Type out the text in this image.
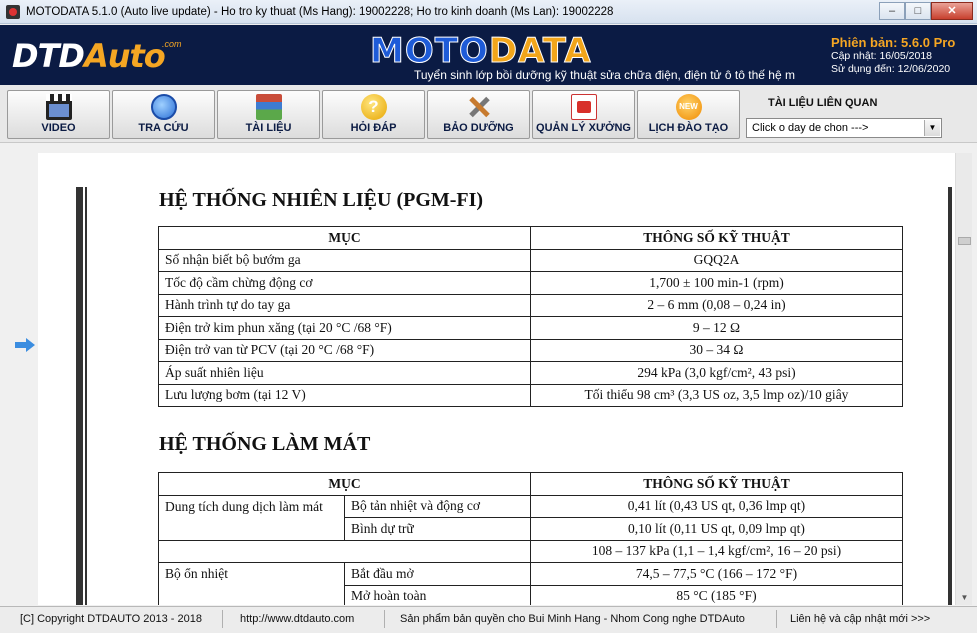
MOTODATA 5.1.0 (Auto live update) - Ho tro ky thuat (Ms Hang): 19002228; Ho tro kinh doanh (Ms Lan): 19002228	–	□	✕
DTDAuto
.com	MOTODATA
Tuyển sinh lớp bồi dưỡng kỹ thuật sửa chữa điện, điện tử ô tô thế hệ m
Phiên bản: 5.6.0 Pro
Cập nhật: 16/05/2018
Sử dụng đến: 12/06/2020
VIDEO	TRA CỨU	TÀI LIỆU
?
HỎI ĐÁP	BẢO DƯỠNG	QUẢN LÝ XƯỞNG
NEW
LỊCH ĐÀO TẠO
TÀI LIỆU LIÊN QUAN
Click o day de chon --->	▼
HỆ THỐNG NHIÊN LIỆU (PGM-FI)
MỤC	THÔNG SỐ KỸ THUẬT
Số nhận biết bộ bướm ga	GQQ2A
Tốc độ cầm chừng động cơ	1,700 ± 100 min-1 (rpm)
Hành trình tự do tay ga	2 – 6 mm (0,08 – 0,24 in)
Điện trở kim phun xăng (tại 20 °C /68 °F)	9 – 12 Ω
Điện trở van từ PCV (tại 20 °C /68 °F)	30 – 34 Ω
Áp suất nhiên liệu	294 kPa (3,0 kgf/cm², 43 psi)
Lưu lượng bơm (tại 12 V)	Tối thiểu 98 cm³ (3,3 US oz, 3,5 lmp oz)/10 giây
HỆ THỐNG LÀM MÁT
MỤC		THÔNG SỐ KỸ THUẬT
Dung tích dung dịch làm mát	Bộ tản nhiệt và động cơ	0,41 lít (0,43 US qt, 0,36 lmp qt)
	Bình dự trữ	0,10 lít (0,11 US qt, 0,09 lmp qt)
		108 – 137 kPa (1,1 – 1,4 kgf/cm², 16 – 20 psi)
Bộ ổn nhiệt	Bắt đầu mở	74,5 – 77,5 °C (166 – 172 °F)
	Mở hoàn toàn	85 °C (185 °F)	▼
[C] Copyright DTDAUTO 2013 - 2018	http://www.dtdauto.com	Sản phẩm bản quyền cho Bui Minh Hang - Nhom Cong nghe DTDAuto	Liên hệ và cập nhật mới >>>
